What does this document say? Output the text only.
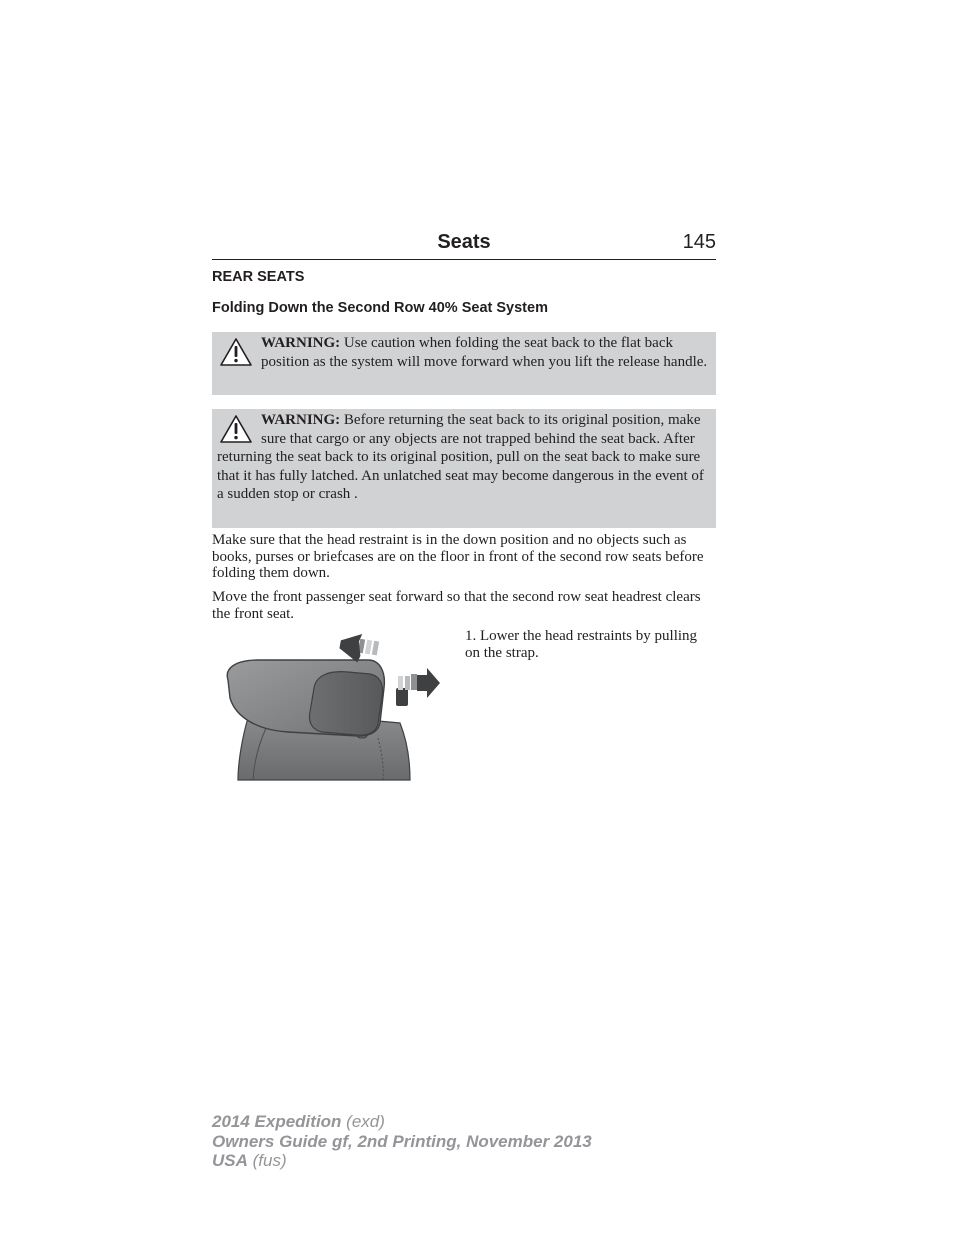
Seats	145
REAR SEATS
Folding Down the Second Row 40% Seat System
WARNING: Use caution when folding the seat back to the flat back position as the system will move forward when you lift the release handle.
WARNING: Before returning the seat back to its original position, make sure that cargo or any objects are not trapped behind the seat back. After returning the seat back to its original position, pull on the seat back to make sure that it has fully latched. An unlatched seat may become dangerous in the event of a sudden stop or crash .
Make sure that the head restraint is in the down position and no objects such as books, purses or briefcases are on the floor in front of the second row seats before folding them down.
Move the front passenger seat forward so that the second row seat headrest clears the front seat.
1. Lower the head restraints by pulling on the strap.
2014 Expedition (exd)
Owners Guide gf, 2nd Printing, November 2013
USA (fus)
